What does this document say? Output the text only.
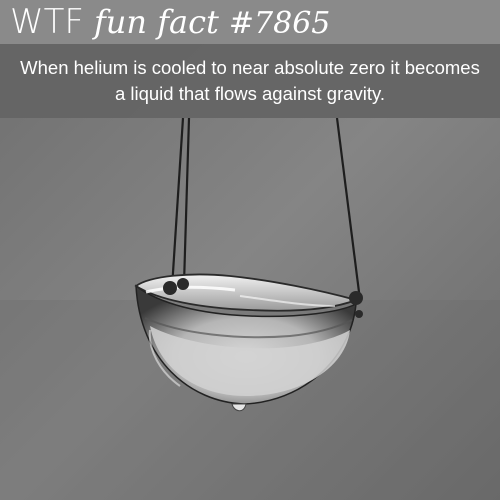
WTF fun fact #7865
When helium is cooled to near absolute zero it becomes a liquid that flows against gravity.
